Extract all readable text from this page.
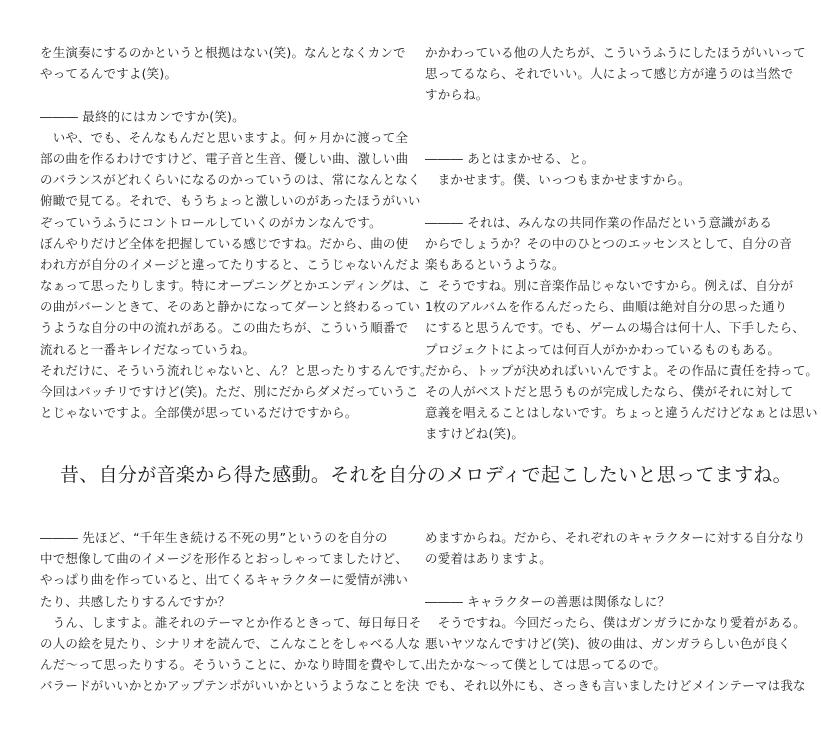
を生演奏にするのかというと根拠はない(笑)。なんとなくカンで
やってるんですよ(笑)。
――― 最終的にはカンですか(笑)。
　いや、でも、そんなもんだと思いますよ。何ヶ月かに渡って全
部の曲を作るわけですけど、電子音と生音、優しい曲、激しい曲
のバランスがどれくらいになるのかっていうのは、常になんとなく
俯瞰で見てる。それで、もうちょっと激しいのがあったほうがいい
ぞっていうふうにコントロールしていくのがカンなんです。
ぼんやりだけど全体を把握している感じですね。だから、曲の使
われ方が自分のイメージと違ってたりすると、こうじゃないんだよ
なぁって思ったりします。特にオープニングとかエンディングは、こ
の曲がバーンときて、そのあと静かになってダーンと終わるってい
うような自分の中の流れがある。この曲たちが、こういう順番で
流れると一番キレイだなっていうね。
それだけに、そういう流れじゃないと、ん？と思ったりするんです。
今回はバッチリですけど(笑)。ただ、別にだからダメだっていうこ
とじゃないですよ。全部僕が思っているだけですから。
かかわっている他の人たちが、こういうふうにしたほうがいいって
思ってるなら、それでいい。人によって感じ方が違うのは当然で
すからね。
――― あとはまかせる、と。
　まかせます。僕、いっつもまかせますから。
――― それは、みんなの共同作業の作品だという意識がある
からでしょうか？その中のひとつのエッセンスとして、自分の音
楽もあるというような。
　そうですね。別に音楽作品じゃないですから。例えば、自分が
1枚のアルバムを作るんだったら、曲順は絶対自分の思った通り
にすると思うんです。でも、ゲームの場合は何十人、下手したら、
プロジェクトによっては何百人がかかわっているものもある。
だから、トップが決めればいいんですよ。その作品に責任を持って。
その人がベストだと思うものが完成したなら、僕がそれに対して
意義を唱えることはしないです。ちょっと違うんだけどなぁとは思い
ますけどね(笑)。
昔、自分が音楽から得た感動。それを自分のメロディで起こしたいと思ってますね。
――― 先ほど、“千年生き続ける不死の男”というのを自分の
中で想像して曲のイメージを形作るとおっしゃってましたけど、
やっぱり曲を作っていると、出てくるキャラクターに愛情が沸い
たり、共感したりするんですか？
　うん、しますよ。誰それのテーマとか作るときって、毎日毎日そ
の人の絵を見たり、シナリオを読んで、こんなことをしゃべる人な
んだ～って思ったりする。そういうことに、かなり時間を費やして、
バラードがいいかとかアップテンポがいいかというようなことを決
めますからね。だから、それぞれのキャラクターに対する自分なり
の愛着はありますよ。
――― キャラクターの善悪は関係なしに？
　そうですね。今回だったら、僕はガンガラにかなり愛着がある。
悪いヤツなんですけど(笑)、彼の曲は、ガンガラらしい色が良く
出たかな～って僕としては思ってるので。
でも、それ以外にも、さっきも言いましたけどメインテーマは我な
